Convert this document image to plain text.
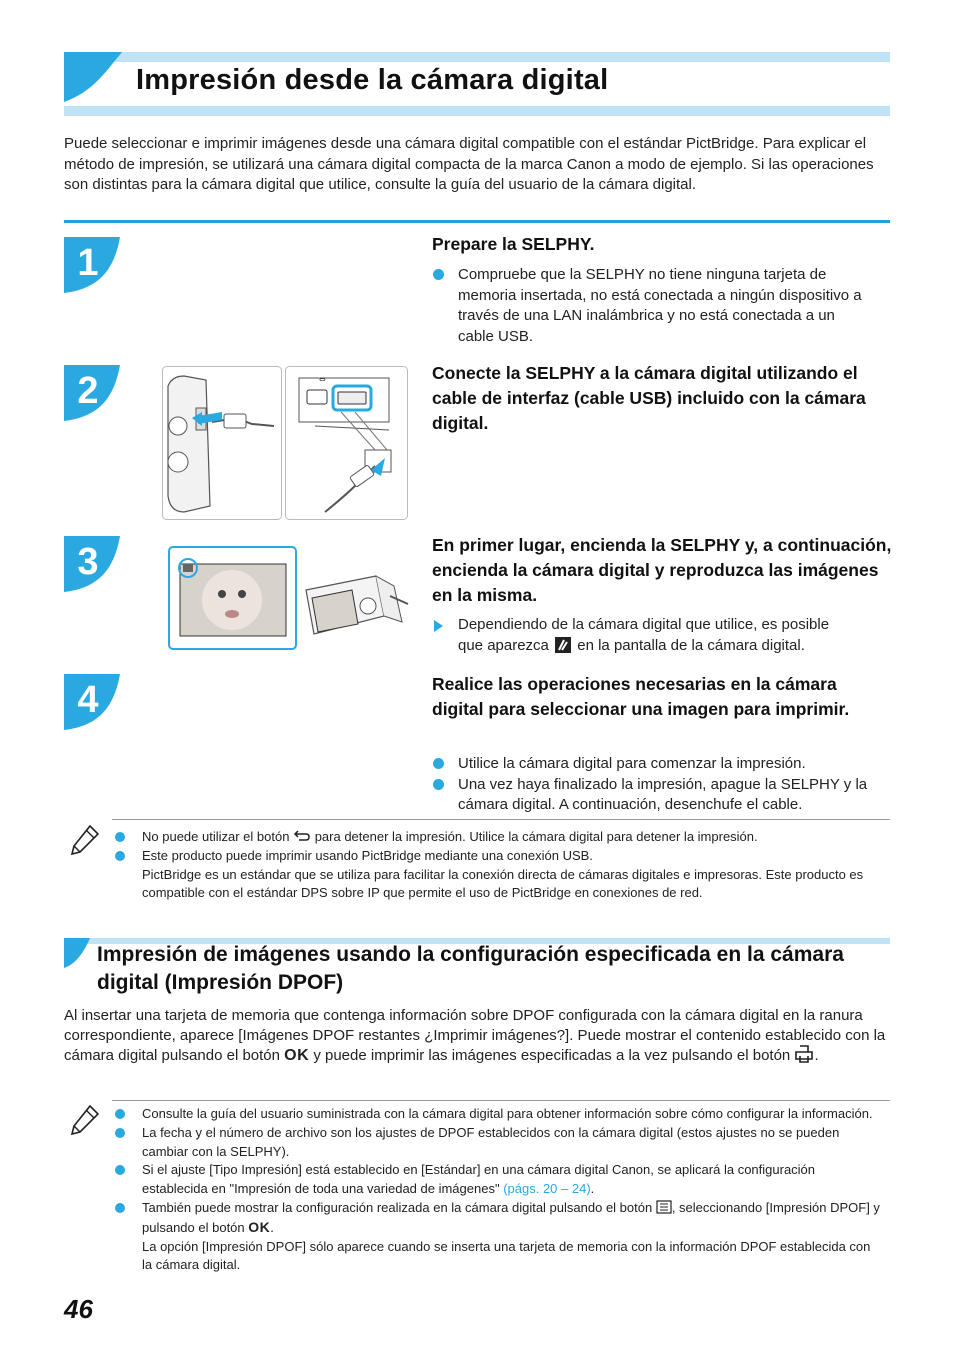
Impresión desde la cámara digital
Puede seleccionar e imprimir imágenes desde una cámara digital compatible con el estándar PictBridge. Para explicar el método de impresión, se utilizará una cámara digital compacta de la marca Canon a modo de ejemplo. Si las operaciones son distintas para la cámara digital que utilice, consulte la guía del usuario de la cámara digital.
1	Prepare la SELPHY.
Compruebe que la SELPHY no tiene ninguna tarjeta de memoria insertada, no está conectada a ningún dispositivo a través de una LAN inalámbrica y no está conectada a un cable USB.
2	⇔	Conecte la SELPHY a la cámara digital utilizando el cable de interfaz (cable USB) incluido con la cámara digital.
3	En primer lugar, encienda la SELPHY y, a continuación, encienda la cámara digital y reproduzca las imágenes en la misma.
Dependiendo de la cámara digital que utilice, es posible
que aparezca en la pantalla de la cámara digital.
4	Realice las operaciones necesarias en la cámara digital para seleccionar una imagen para imprimir.
Utilice la cámara digital para comenzar la impresión.
Una vez haya finalizado la impresión, apague la SELPHY y la cámara digital. A continuación, desenchufe el cable.
No puede utilizar el botón para detener la impresión. Utilice la cámara digital para detener la impresión.
Este producto puede imprimir usando PictBridge mediante una conexión USB.
PictBridge es un estándar que se utiliza para facilitar la conexión directa de cámaras digitales e impresoras. Este producto es compatible con el estándar DPS sobre IP que permite el uso de PictBridge en conexiones de red.
Impresión de imágenes usando la configuración especificada en la cámara digital (Impresión DPOF)
Al insertar una tarjeta de memoria que contenga información sobre DPOF configurada con la cámara digital en la ranura correspondiente, aparece [Imágenes DPOF restantes ¿Imprimir imágenes?]. Puede mostrar el contenido establecido con la cámara digital pulsando el botón OK y puede imprimir las imágenes especificadas a la vez pulsando el botón .
Consulte la guía del usuario suministrada con la cámara digital para obtener información sobre cómo configurar la información.
La fecha y el número de archivo son los ajustes de DPOF establecidos con la cámara digital (estos ajustes no se pueden cambiar con la SELPHY).
Si el ajuste [Tipo Impresión] está establecido en [Estándar] en una cámara digital Canon, se aplicará la configuración establecida en "Impresión de toda una variedad de imágenes" (págs. 20 – 24).
También puede mostrar la configuración realizada en la cámara digital pulsando el botón , seleccionando [Impresión DPOF] y pulsando el botón OK.
La opción [Impresión DPOF] sólo aparece cuando se inserta una tarjeta de memoria con la información DPOF establecida con la cámara digital.
46
